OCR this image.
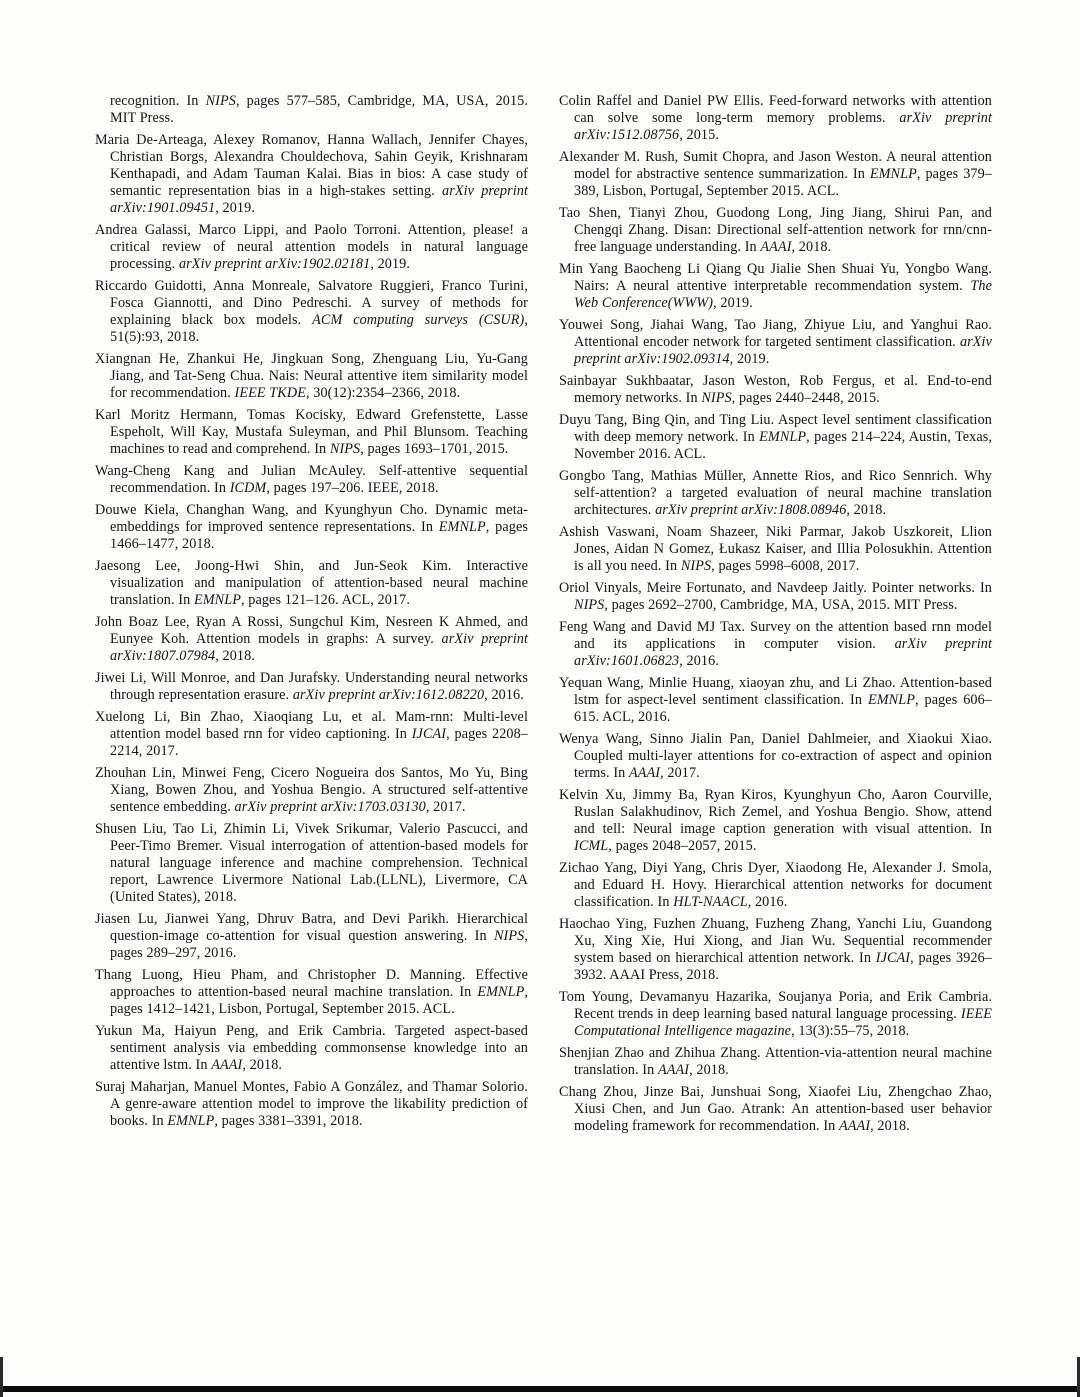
recognition. In NIPS, pages 577–585, Cambridge, MA, USA, 2015. MIT Press.

Maria De-Arteaga, Alexey Romanov, Hanna Wallach, Jennifer Chayes, Christian Borgs, Alexandra Chouldechova, Sahin Geyik, Krishnaram Kenthapadi, and Adam Tauman Kalai. Bias in bios: A case study of semantic representation bias in a high-stakes setting. arXiv preprint arXiv:1901.09451, 2019.

Andrea Galassi, Marco Lippi, and Paolo Torroni. Attention, please! a critical review of neural attention models in natural language processing. arXiv preprint arXiv:1902.02181, 2019.

Riccardo Guidotti, Anna Monreale, Salvatore Ruggieri, Franco Turini, Fosca Giannotti, and Dino Pedreschi. A survey of methods for explaining black box models. ACM computing surveys (CSUR), 51(5):93, 2018.

Xiangnan He, Zhankui He, Jingkuan Song, Zhenguang Liu, Yu-Gang Jiang, and Tat-Seng Chua. Nais: Neural attentive item similarity model for recommendation. IEEE TKDE, 30(12):2354–2366, 2018.

Karl Moritz Hermann, Tomas Kocisky, Edward Grefenstette, Lasse Espeholt, Will Kay, Mustafa Suleyman, and Phil Blunsom. Teaching machines to read and comprehend. In NIPS, pages 1693–1701, 2015.

Wang-Cheng Kang and Julian McAuley. Self-attentive sequential recommendation. In ICDM, pages 197–206. IEEE, 2018.

Douwe Kiela, Changhan Wang, and Kyunghyun Cho. Dynamic meta-embeddings for improved sentence representations. In EMNLP, pages 1466–1477, 2018.

Jaesong Lee, Joong-Hwi Shin, and Jun-Seok Kim. Interactive visualization and manipulation of attention-based neural machine translation. In EMNLP, pages 121–126. ACL, 2017.

John Boaz Lee, Ryan A Rossi, Sungchul Kim, Nesreen K Ahmed, and Eunyee Koh. Attention models in graphs: A survey. arXiv preprint arXiv:1807.07984, 2018.

Jiwei Li, Will Monroe, and Dan Jurafsky. Understanding neural networks through representation erasure. arXiv preprint arXiv:1612.08220, 2016.

Xuelong Li, Bin Zhao, Xiaoqiang Lu, et al. Mam-rnn: Multi-level attention model based rnn for video captioning. In IJCAI, pages 2208–2214, 2017.

Zhouhan Lin, Minwei Feng, Cicero Nogueira dos Santos, Mo Yu, Bing Xiang, Bowen Zhou, and Yoshua Bengio. A structured self-attentive sentence embedding. arXiv preprint arXiv:1703.03130, 2017.

Shusen Liu, Tao Li, Zhimin Li, Vivek Srikumar, Valerio Pascucci, and Peer-Timo Bremer. Visual interrogation of attention-based models for natural language inference and machine comprehension. Technical report, Lawrence Livermore National Lab.(LLNL), Livermore, CA (United States), 2018.

Jiasen Lu, Jianwei Yang, Dhruv Batra, and Devi Parikh. Hierarchical question-image co-attention for visual question answering. In NIPS, pages 289–297, 2016.

Thang Luong, Hieu Pham, and Christopher D. Manning. Effective approaches to attention-based neural machine translation. In EMNLP, pages 1412–1421, Lisbon, Portugal, September 2015. ACL.

Yukun Ma, Haiyun Peng, and Erik Cambria. Targeted aspect-based sentiment analysis via embedding commonsense knowledge into an attentive lstm. In AAAI, 2018.

Suraj Maharjan, Manuel Montes, Fabio A González, and Thamar Solorio. A genre-aware attention model to improve the likability prediction of books. In EMNLP, pages 3381–3391, 2018.

Colin Raffel and Daniel PW Ellis. Feed-forward networks with attention can solve some long-term memory problems. arXiv preprint arXiv:1512.08756, 2015.

Alexander M. Rush, Sumit Chopra, and Jason Weston. A neural attention model for abstractive sentence summarization. In EMNLP, pages 379–389, Lisbon, Portugal, September 2015. ACL.

Tao Shen, Tianyi Zhou, Guodong Long, Jing Jiang, Shirui Pan, and Chengqi Zhang. Disan: Directional self-attention network for rnn/cnn-free language understanding. In AAAI, 2018.

Min Yang Baocheng Li Qiang Qu Jialie Shen Shuai Yu, Yongbo Wang. Nairs: A neural attentive interpretable recommendation system. The Web Conference(WWW), 2019.

Youwei Song, Jiahai Wang, Tao Jiang, Zhiyue Liu, and Yanghui Rao. Attentional encoder network for targeted sentiment classification. arXiv preprint arXiv:1902.09314, 2019.

Sainbayar Sukhbaatar, Jason Weston, Rob Fergus, et al. End-to-end memory networks. In NIPS, pages 2440–2448, 2015.

Duyu Tang, Bing Qin, and Ting Liu. Aspect level sentiment classification with deep memory network. In EMNLP, pages 214–224, Austin, Texas, November 2016. ACL.

Gongbo Tang, Mathias Müller, Annette Rios, and Rico Sennrich. Why self-attention? a targeted evaluation of neural machine translation architectures. arXiv preprint arXiv:1808.08946, 2018.

Ashish Vaswani, Noam Shazeer, Niki Parmar, Jakob Uszkoreit, Llion Jones, Aidan N Gomez, Łukasz Kaiser, and Illia Polosukhin. Attention is all you need. In NIPS, pages 5998–6008, 2017.

Oriol Vinyals, Meire Fortunato, and Navdeep Jaitly. Pointer networks. In NIPS, pages 2692–2700, Cambridge, MA, USA, 2015. MIT Press.

Feng Wang and David MJ Tax. Survey on the attention based rnn model and its applications in computer vision. arXiv preprint arXiv:1601.06823, 2016.

Yequan Wang, Minlie Huang, xiaoyan zhu, and Li Zhao. Attention-based lstm for aspect-level sentiment classification. In EMNLP, pages 606–615. ACL, 2016.

Wenya Wang, Sinno Jialin Pan, Daniel Dahlmeier, and Xiaokui Xiao. Coupled multi-layer attentions for co-extraction of aspect and opinion terms. In AAAI, 2017.

Kelvin Xu, Jimmy Ba, Ryan Kiros, Kyunghyun Cho, Aaron Courville, Ruslan Salakhudinov, Rich Zemel, and Yoshua Bengio. Show, attend and tell: Neural image caption generation with visual attention. In ICML, pages 2048–2057, 2015.

Zichao Yang, Diyi Yang, Chris Dyer, Xiaodong He, Alexander J. Smola, and Eduard H. Hovy. Hierarchical attention networks for document classification. In HLT-NAACL, 2016.

Haochao Ying, Fuzhen Zhuang, Fuzheng Zhang, Yanchi Liu, Guandong Xu, Xing Xie, Hui Xiong, and Jian Wu. Sequential recommender system based on hierarchical attention network. In IJCAI, pages 3926–3932. AAAI Press, 2018.

Tom Young, Devamanyu Hazarika, Soujanya Poria, and Erik Cambria. Recent trends in deep learning based natural language processing. IEEE Computational Intelligence magazine, 13(3):55–75, 2018.

Shenjian Zhao and Zhihua Zhang. Attention-via-attention neural machine translation. In AAAI, 2018.

Chang Zhou, Jinze Bai, Junshuai Song, Xiaofei Liu, Zhengchao Zhao, Xiusi Chen, and Jun Gao. Atrank: An attention-based user behavior modeling framework for recommendation. In AAAI, 2018.
